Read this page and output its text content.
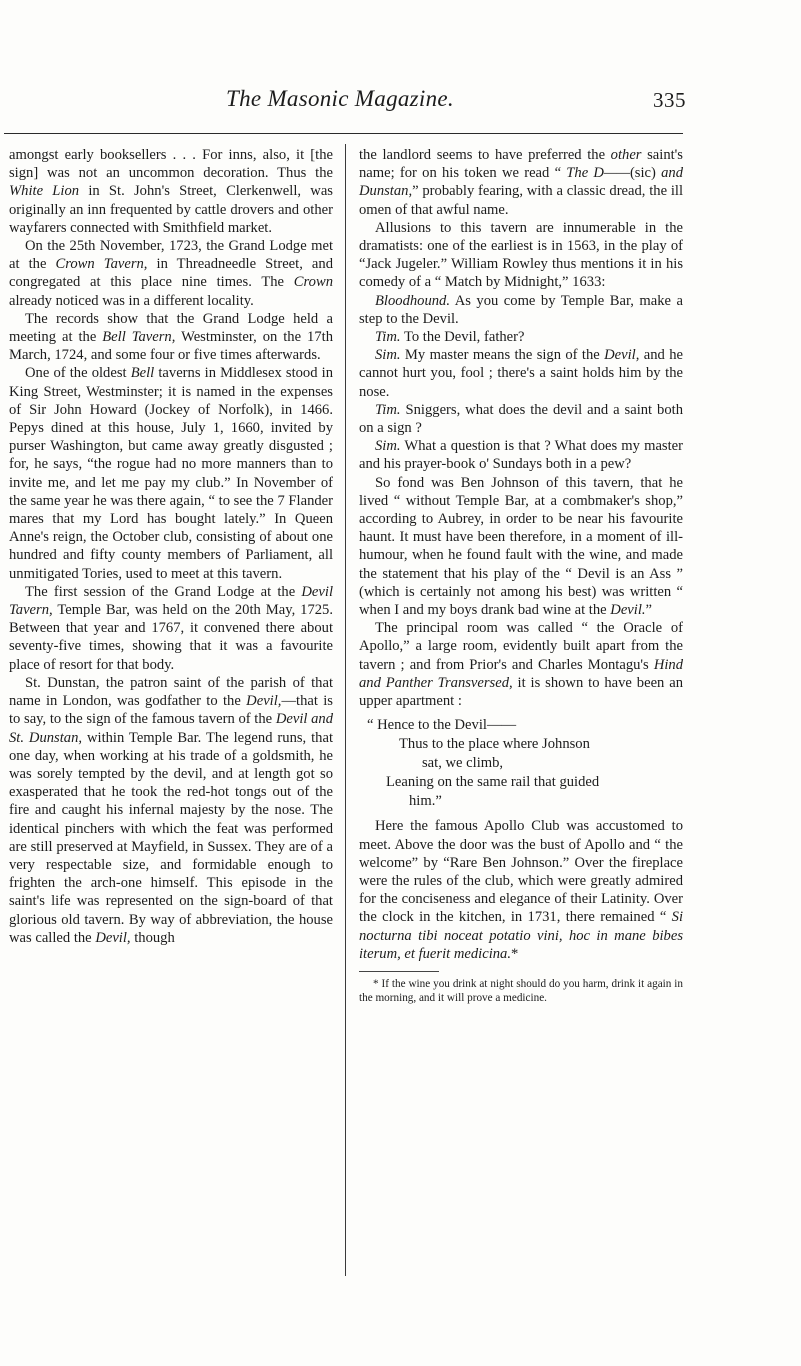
The Masonic Magazine.	335

amongst early booksellers . . . For inns, also, it [the sign] was not an uncommon decoration. Thus the White Lion in St. John's Street, Clerkenwell, was originally an inn frequented by cattle drovers and other wayfarers connected with Smithfield market.

On the 25th November, 1723, the Grand Lodge met at the Crown Tavern, in Threadneedle Street, and congregated at this place nine times. The Crown already noticed was in a different locality.

The records show that the Grand Lodge held a meeting at the Bell Tavern, Westminster, on the 17th March, 1724, and some four or five times afterwards.

One of the oldest Bell taverns in Middlesex stood in King Street, Westminster; it is named in the expenses of Sir John Howard (Jockey of Norfolk), in 1466. Pepys dined at this house, July 1, 1660, invited by purser Washington, but came away greatly disgusted ; for, he says, “the rogue had no more manners than to invite me, and let me pay my club.” In November of the same year he was there again, “ to see the 7 Flander mares that my Lord has bought lately.” In Queen Anne's reign, the October club, consisting of about one hundred and fifty county members of Parliament, all unmitigated Tories, used to meet at this tavern.

The first session of the Grand Lodge at the Devil Tavern, Temple Bar, was held on the 20th May, 1725. Between that year and 1767, it convened there about seventy-five times, showing that it was a favourite place of resort for that body.

St. Dunstan, the patron saint of the parish of that name in London, was godfather to the Devil,—that is to say, to the sign of the famous tavern of the Devil and St. Dunstan, within Temple Bar. The legend runs, that one day, when working at his trade of a goldsmith, he was sorely tempted by the devil, and at length got so exasperated that he took the red-hot tongs out of the fire and caught his infernal majesty by the nose. The identical pinchers with which the feat was performed are still preserved at Mayfield, in Sussex. They are of a very respectable size, and formidable enough to frighten the arch-one himself. This episode in the saint's life was represented on the sign-board of that glorious old tavern. By way of abbreviation, the house was called the Devil, though

the landlord seems to have preferred the other saint's name; for on his token we read “ The D——(sic) and Dunstan,” probably fearing, with a classic dread, the ill omen of that awful name.

Allusions to this tavern are innumerable in the dramatists: one of the earliest is in 1563, in the play of “Jack Jugeler.” William Rowley thus mentions it in his comedy of a “ Match by Midnight,” 1633:

Bloodhound. As you come by Temple Bar, make a step to the Devil.

Tim. To the Devil, father?

Sim. My master means the sign of the Devil, and he cannot hurt you, fool ; there's a saint holds him by the nose.

Tim. Sniggers, what does the devil and a saint both on a sign ?

Sim. What a question is that ? What does my master and his prayer-book o' Sundays both in a pew?

So fond was Ben Johnson of this tavern, that he lived “ without Temple Bar, at a combmaker's shop,” according to Aubrey, in order to be near his favourite haunt. It must have been therefore, in a moment of ill-humour, when he found fault with the wine, and made the statement that his play of the “ Devil is an Ass ” (which is certainly not among his best) was written “ when I and my boys drank bad wine at the Devil.”

The principal room was called “ the Oracle of Apollo,” a large room, evidently built apart from the tavern ; and from Prior's and Charles Montagu's Hind and Panther Transversed, it is shown to have been an upper apartment :

“ Hence to the Devil——
Thus to the place where Johnson
sat, we climb,
Leaning on the same rail that guided
him.”

Here the famous Apollo Club was accustomed to meet. Above the door was the bust of Apollo and “ the welcome” by “Rare Ben Johnson.” Over the fireplace were the rules of the club, which were greatly admired for the conciseness and elegance of their Latinity. Over the clock in the kitchen, in 1731, there remained “ Si nocturna tibi noceat potatio vini, hoc in mane bibes iterum, et fuerit medicina.*

* If the wine you drink at night should do you harm, drink it again in the morning, and it will prove a medicine.
